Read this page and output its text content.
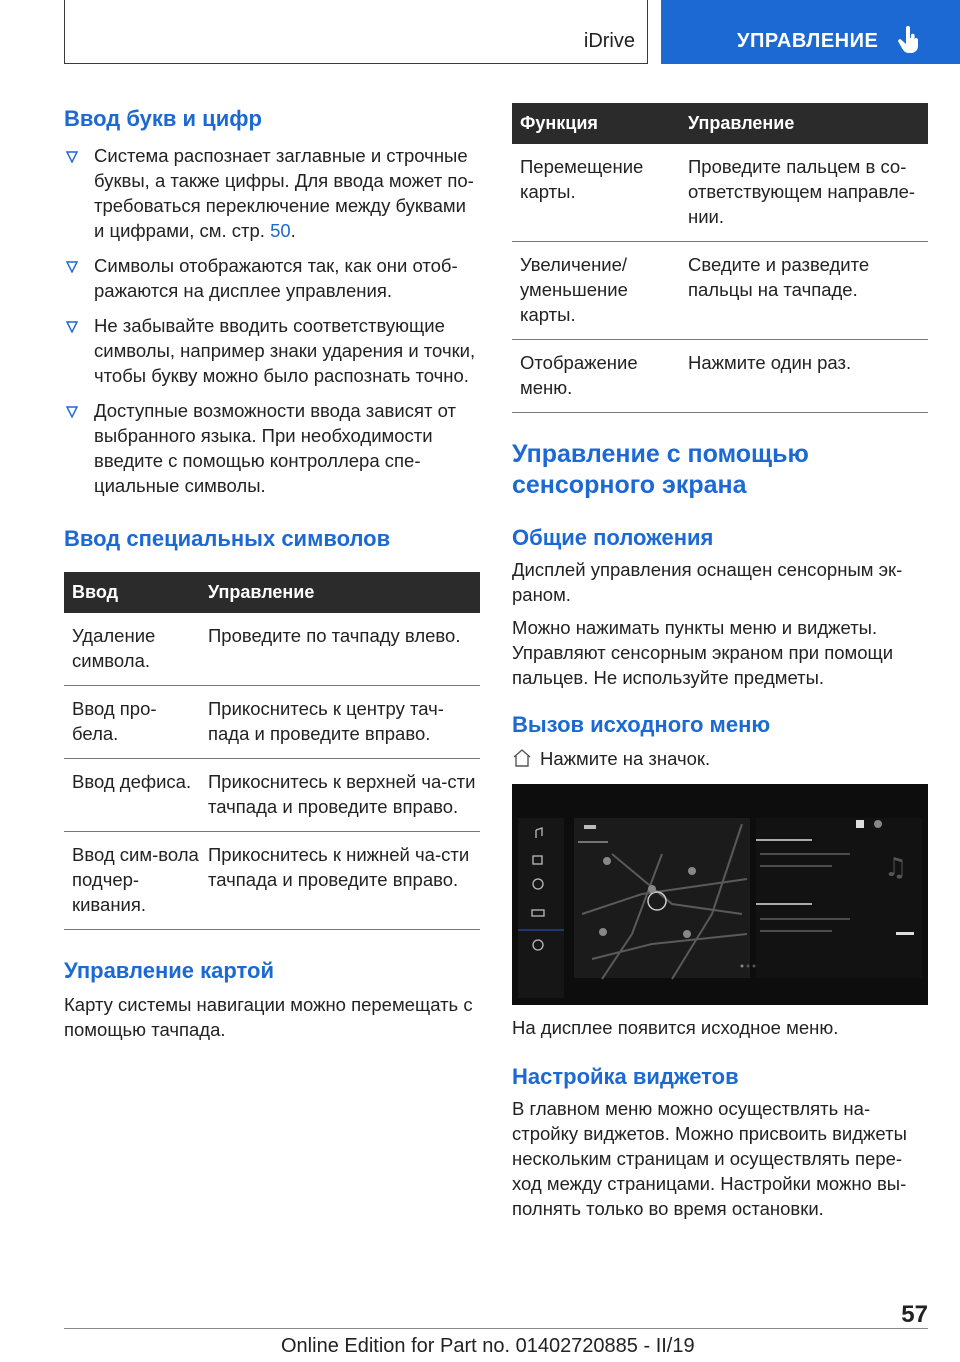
iDrive	УПРАВЛЕНИЕ
Ввод букв и цифр
Система распознает заглавные и строчные буквы, а также цифры. Для ввода может по-требоваться переключение между буквами и цифрами, см. стр. 50.
Символы отображаются так, как они отоб-ражаются на дисплее управления.
Не забывайте вводить соответствующие символы, например знаки ударения и точки, чтобы букву можно было распознать точно.
Доступные возможности ввода зависят от выбранного языка. При необходимости введите с помощью контроллера спе-циальные символы.
Ввод специальных символов
Ввод	Управление
Удаление символа.	Проведите по тачпаду влево.
Ввод про-бела.	Прикоснитесь к центру тач-пада и проведите вправо.
Ввод дефиса.	Прикоснитесь к верхней ча-сти тачпада и проведите вправо.
Ввод сим-вола подчер-кивания.	Прикоснитесь к нижней ча-сти тачпада и проведите вправо.
Управление картой

Карту системы навигации можно перемещать с помощью тачпада.

Функция	Управление
Перемещение карты.	Проведите пальцем в со-ответствующем направле-нии.
Увеличение/ уменьшение карты.	Сведите и разведите пальцы на тачпаде.
Отображение меню.	Нажмите один раз.
Управление с помощью сенсорного экрана
Общие положения

Дисплей управления оснащен сенсорным эк-раном.

Можно нажимать пункты меню и виджеты. Управляют сенсорным экраном при помощи пальцев. Не используйте предметы.

Вызов исходного меню

Нажмите на значок.

♫

На дисплее появится исходное меню.

Настройка виджетов

В главном меню можно осуществлять на-стройку виджетов. Можно присвоить виджеты нескольким страницам и осуществлять пере-ход между страницами. Настройки можно вы-полнять только во время остановки.

57
Online Edition for Part no. 01402720885 - II/19
